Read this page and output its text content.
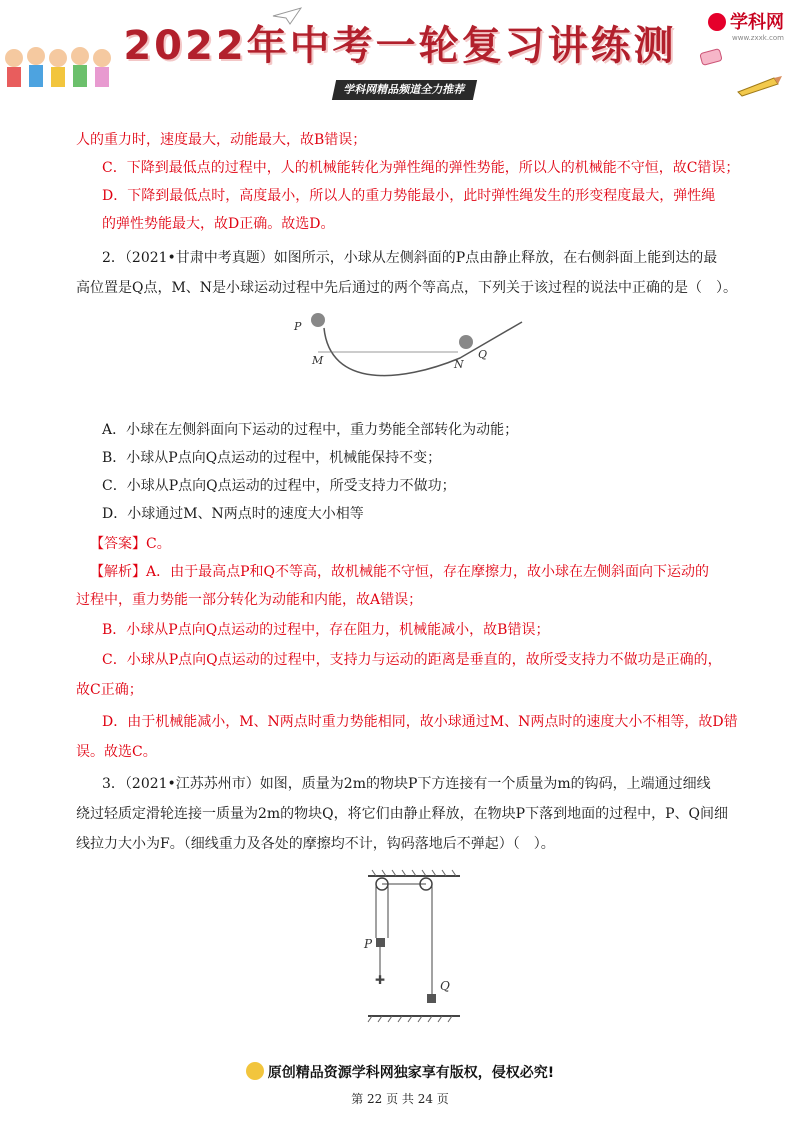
2022年中考一轮复习讲练测
学科网精品频道全力推荐
学科网
www.zxxk.com
人的重力时，速度最大，动能最大，故B错误；
C．下降到最低点的过程中，人的机械能转化为弹性绳的弹性势能，所以人的机械能不守恒，故C错误；
D．下降到最低点时，高度最小，所以人的重力势能最小，此时弹性绳发生的形变程度最大，弹性绳
的弹性势能最大，故D正确。故选D。
2．（2021•甘肃中考真题）如图所示，小球从左侧斜面的P点由静止释放，在右侧斜面上能到达的最
高位置是Q点，M、N是小球运动过程中先后通过的两个等高点，下列关于该过程的说法中正确的是（　）。
A．小球在左侧斜面向下运动的过程中，重力势能全部转化为动能；
B．小球从P点向Q点运动的过程中，机械能保持不变；
C．小球从P点向Q点运动的过程中，所受支持力不做功；
D．小球通过M、N两点时的速度大小相等
【答案】C。
【解析】A．由于最高点P和Q不等高，故机械能不守恒，存在摩擦力，故小球在左侧斜面向下运动的
过程中，重力势能一部分转化为动能和内能，故A错误；
B．小球从P点向Q点运动的过程中，存在阻力，机械能减小，故B错误；
C．小球从P点向Q点运动的过程中，支持力与运动的距离是垂直的，故所受支持力不做功是正确的，
故C正确；
D．由于机械能减小，M、N两点时重力势能相同，故小球通过M、N两点时的速度大小不相等，故D错
误。故选C。
3．（2021•江苏苏州市）如图，质量为2m的物块P下方连接有一个质量为m的钩码，上端通过细线
绕过轻质定滑轮连接一质量为2m的物块Q，将它们由静止释放，在物块P下落到地面的过程中，P、Q间细
线拉力大小为F。（细线重力及各处的摩擦均不计，钩码落地后不弹起）（　）。
P
M	N
Q
✚
P
Q
原创精品资源学科网独家享有版权，侵权必究!
第 22 页 共 24 页
